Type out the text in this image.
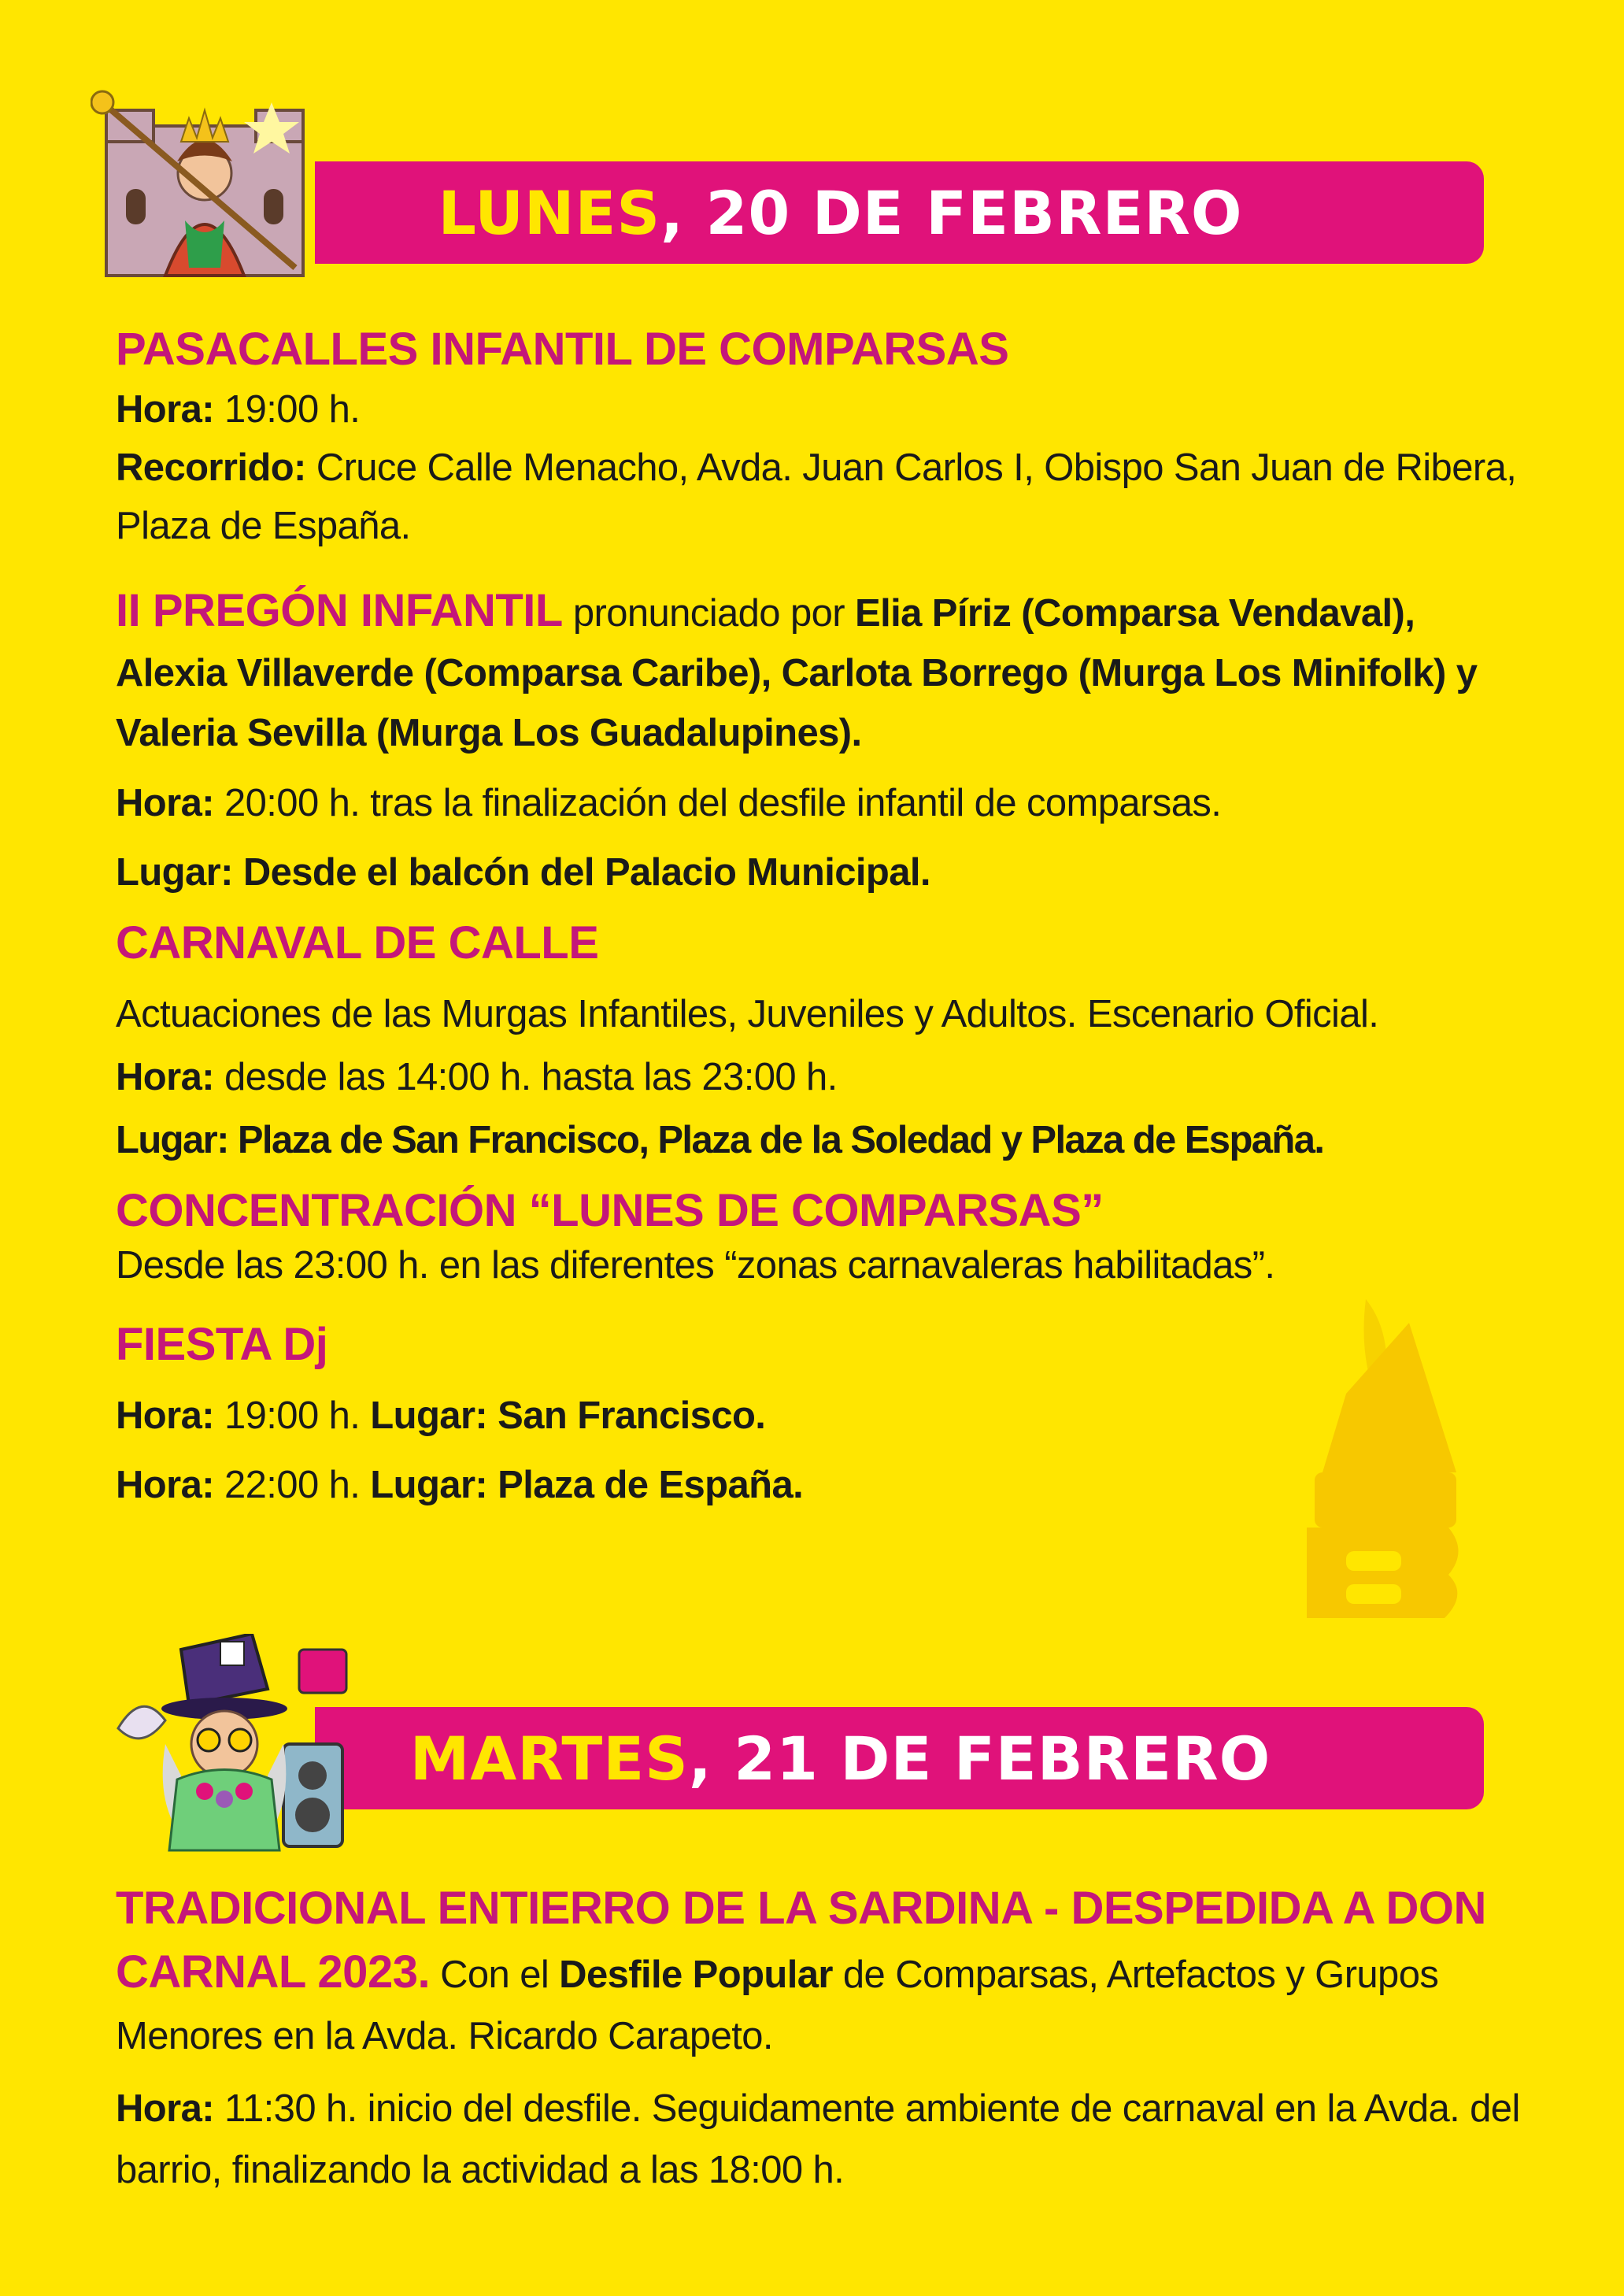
LUNES, 20 DE FEBRERO

PASACALLES INFANTIL DE COMPARSAS

Hora: 19:00 h.

Recorrido: Cruce Calle Menacho, Avda. Juan Carlos I, Obispo San Juan de Ribera, Plaza de España.

II PREGÓN INFANTIL pronunciado por Elia Píriz (Comparsa Vendaval), Alexia Villaverde (Comparsa Caribe), Carlota Borrego (Murga Los Minifolk) y Valeria Sevilla (Murga Los Guadalupines).

Hora: 20:00 h. tras la finalización del desfile infantil de comparsas.

Lugar: Desde el balcón del Palacio Municipal.

CARNAVAL DE CALLE

Actuaciones de las Murgas Infantiles, Juveniles y Adultos. Escenario Oficial.

Hora: desde las 14:00 h. hasta las 23:00 h.

Lugar: Plaza de San Francisco, Plaza de la Soledad y Plaza de España.

CONCENTRACIÓN “LUNES DE COMPARSAS”

Desde las 23:00 h. en las diferentes “zonas carnavaleras habilitadas”.

FIESTA Dj

Hora: 19:00 h. Lugar: San Francisco.

Hora: 22:00 h. Lugar: Plaza de España.

MARTES, 21 DE FEBRERO

TRADICIONAL ENTIERRO DE LA SARDINA - DESPEDIDA A DON CARNAL 2023. Con el Desfile Popular de Comparsas, Artefactos y Grupos Menores en la Avda. Ricardo Carapeto.

Hora: 11:30 h. inicio del desfile. Seguidamente ambiente de carnaval en la Avda. del barrio, finalizando la actividad a las 18:00 h.
